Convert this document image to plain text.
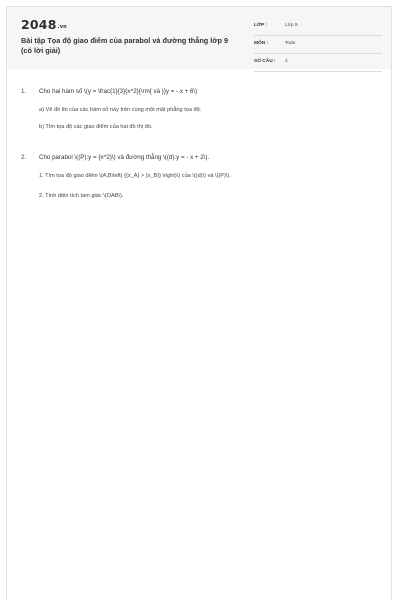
2048.vn
Bài tập Tọa độ giao điểm của parabol và đường thẳng lớp 9 (có lời giải)
LỚP :	Lớp 9
MÔN :	Toán
SỐ CÂU : 2
1. Cho hai hàm số \(y = \frac{1}{3}{x^2}{\rm{ và }}y = - x + 6\)
a) Vẽ đồ thị của các hàm số này trên cùng một mặt phẳng tọa độ.
b) Tìm tọa độ các giao điểm của hai đồ thị đó.
2. Cho parabol \((P):y = {x^2}\) và đường thẳng \((d):y = - x + 2\).
1. Tìm tọa độ giao điểm \(A,B\left( {{x_A} > {x_B}} \right)\) của \((d)\) và \((P)\).
2. Tính diện tích tam giác \(OAB\).
